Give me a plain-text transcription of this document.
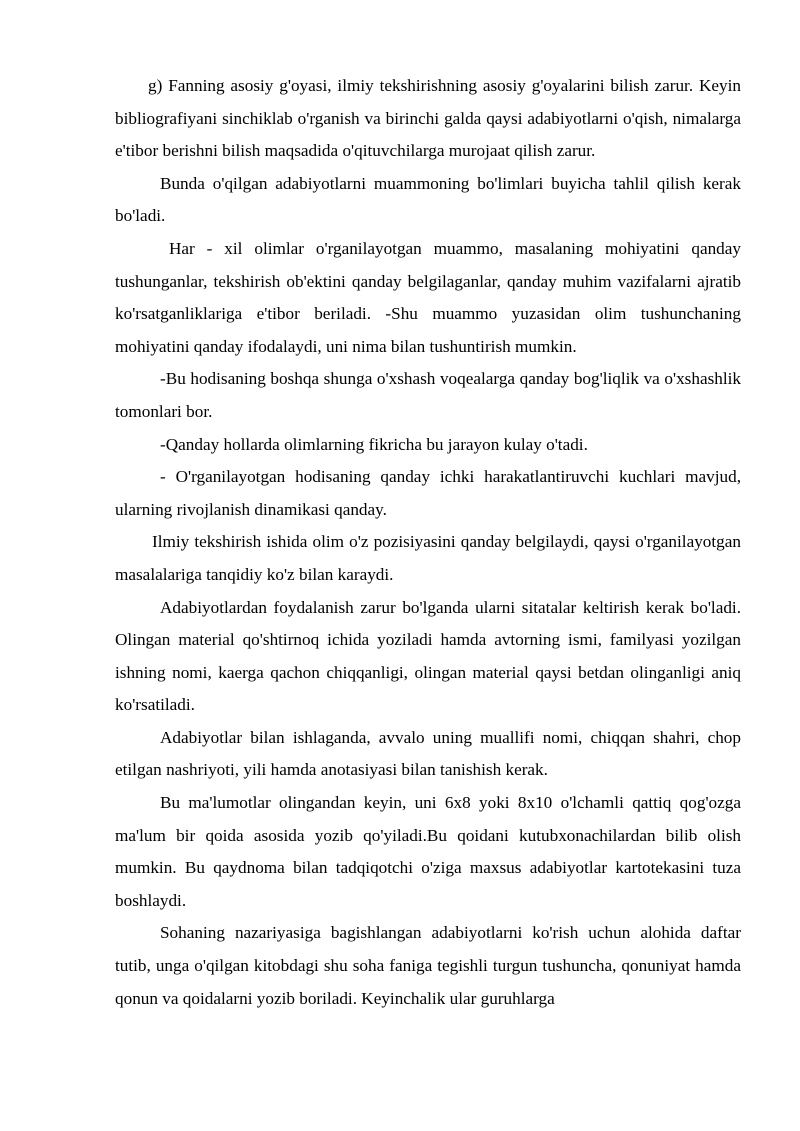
g) Fanning asosiy g'oyasi, ilmiy tekshirishning asosiy g'oyalarini bilish zarur. Keyin bibliografiyani sinchiklab o'rganish va birinchi galda qaysi adabiyotlarni o'qish, nimalarga e'tibor berishni bilish maqsadida o'qituvchilarga murojaat qilish zarur.

Bunda o'qilgan adabiyotlarni muammoning bo'limlari buyicha tahlil qilish kerak bo'ladi.

Har - xil olimlar o'rganilayotgan muammo, masalaning mohiyatini qanday tushunganlar, tekshirish ob'ektini qanday belgilaganlar, qanday muhim vazifalarni ajratib ko'rsatganliklariga e'tibor beriladi. -Shu muammo yuzasidan olim tushunchaning mohiyatini qanday ifodalaydi, uni nima bilan tushuntirish mumkin.

-Bu hodisaning boshqa shunga o'xshash voqealarga qanday bog'liqlik va o'xshashlik tomonlari bor.

-Qanday hollarda olimlarning fikricha bu jarayon kulay o'tadi.

- O'rganilayotgan hodisaning qanday ichki harakatlantiruvchi kuchlari mavjud, ularning rivojlanish dinamikasi qanday.

Ilmiy tekshirish ishida olim o'z pozisiyasini qanday belgilaydi, qaysi o'rganilayotgan masalalariga tanqidiy ko'z bilan karaydi.

Adabiyotlardan foydalanish zarur bo'lganda ularni sitatalar keltirish kerak bo'ladi. Olingan material qo'shtirnoq ichida yoziladi hamda avtorning ismi, familyasi yozilgan ishning nomi, kaerga qachon chiqqanligi, olingan material qaysi betdan olinganligi aniq ko'rsatiladi.

Adabiyotlar bilan ishlaganda, avvalo uning muallifi nomi, chiqqan shahri, chop etilgan nashriyoti, yili hamda anotasiyasi bilan tanishish kerak.

Bu ma'lumotlar olingandan keyin, uni 6x8 yoki 8x10 o'lchamli qattiq qog'ozga ma'lum bir qoida asosida yozib qo'yiladi.Bu qoidani kutubxonachilardan bilib olish mumkin. Bu qaydnoma bilan tadqiqotchi o'ziga maxsus adabiyotlar kartotekasini tuza boshlaydi.

Sohaning nazariyasiga bagishlangan adabiyotlarni ko'rish uchun alohida daftar tutib, unga o'qilgan kitobdagi shu soha faniga tegishli turgun tushuncha, qonuniyat hamda qonun va qoidalarni yozib boriladi. Keyinchalik ular guruhlarga
